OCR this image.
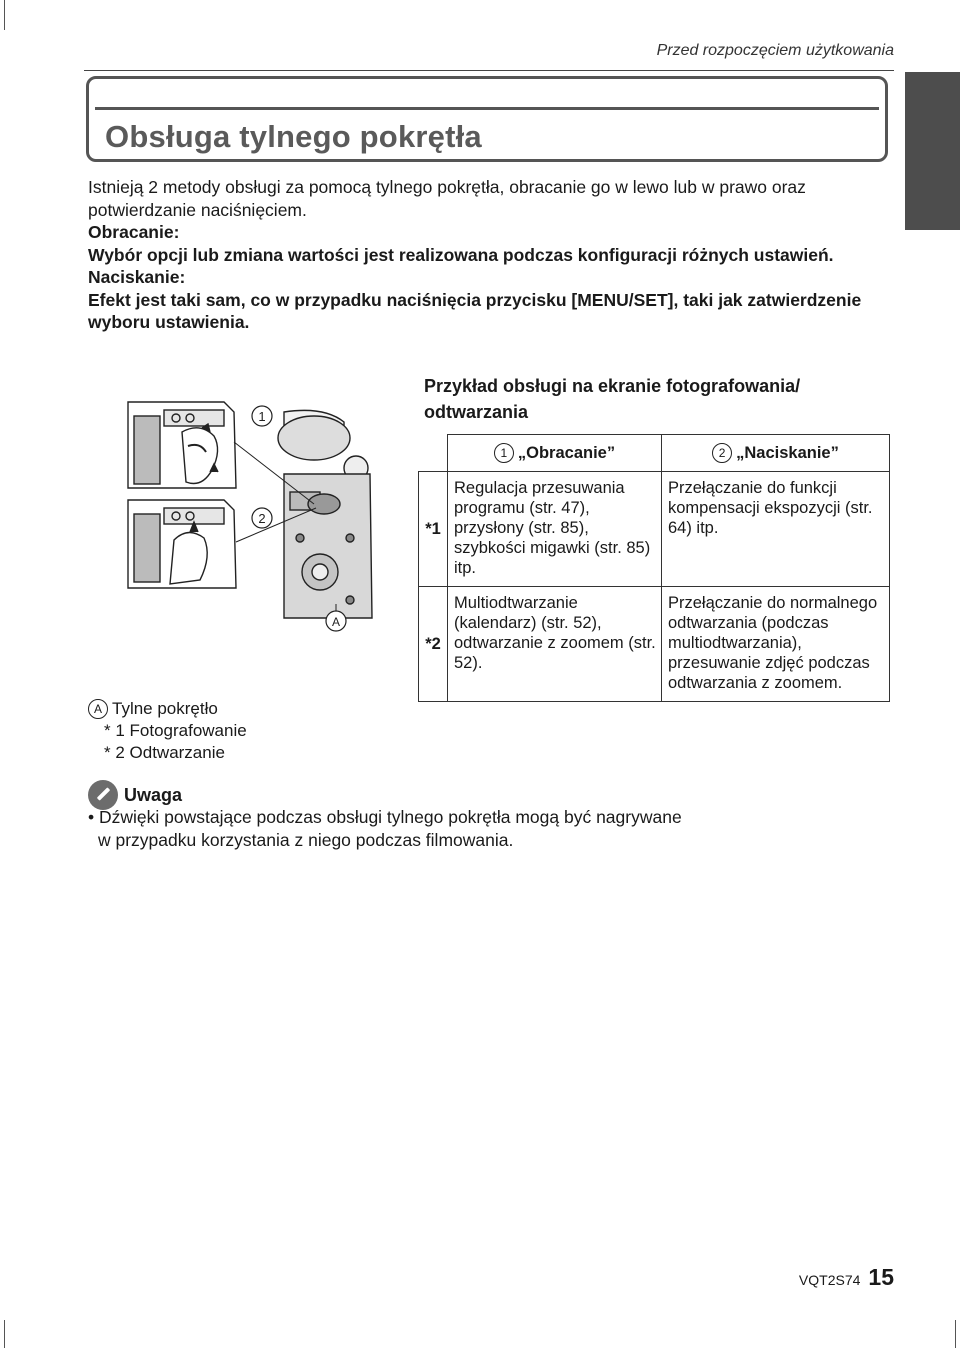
Przed rozpoczęciem użytkowania
Obsługa tylnego pokrętła

Istnieją 2 metody obsługi za pomocą tylnego pokrętła, obracanie go w lewo lub w prawo oraz potwierdzanie naciśnięciem.

Obracanie:

Wybór opcji lub zmiana wartości jest realizowana podczas konfiguracji różnych ustawień.

Naciskanie:

Efekt jest taki sam, co w przypadku naciśnięcia przycisku [MENU/SET], taki jak zatwierdzenie wyboru ustawienia.

1
2
A
A Tylne pokrętło
* 1 Fotografowanie
* 2 Odtwarzanie
Przykład obsługi na ekranie fotografowania/ odtwarzania
	1 „Obracanie”	2 „Naciskanie”
*1	Regulacja przesuwania programu (str. 47), przysłony (str. 85), szybkości migawki (str. 85) itp.	Przełączanie do funkcji kompensacji ekspozycji (str. 64) itp.
*2	Multiodtwarzanie (kalendarz) (str. 52), odtwarzanie z zoomem (str. 52).	Przełączanie do normalnego odtwarzania (podczas multiodtwarzania), przesuwanie zdjęć podczas odtwarzania z zoomem.
Uwaga
• Dźwięki powstające podczas obsługi tylnego pokrętła mogą być nagrywane
w przypadku korzystania z niego podczas filmowania.
VQT2S74 15
